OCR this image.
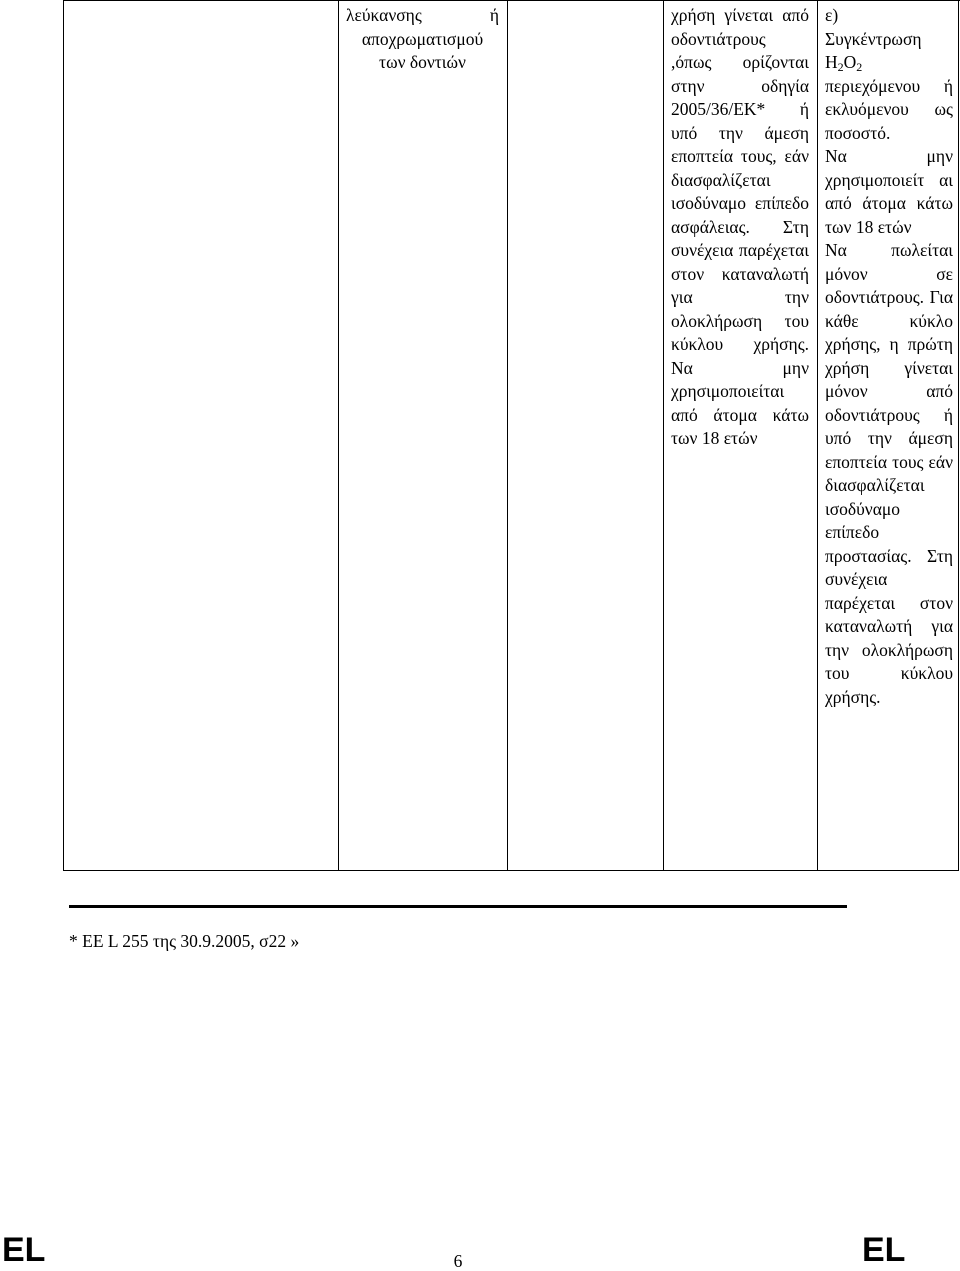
λεύκανσης ή

αποχρωματισμού

των δοντιών

χρήση γίνεται από οδοντιάτρους ,όπως ορίζονται στην οδηγία 2005/36/ΕΚ* ή υπό την άμεση εποπτεία τους, εάν διασφαλίζεται ισοδύναμο επίπεδο ασφάλειας. Στη συνέχεια παρέχεται στον καταναλωτή για την ολοκλήρωση του κύκλου χρήσης. Να μην χρησιμοποιείται από άτομα κάτω των 18 ετών

ε)

Συγκέντρωση

$H_2O_2$

περιεχόμενου ή εκλυόμενου ως ποσοστό.

Να μην χρησιμοποιείτ αι από άτομα κάτω των 18 ετών

Να πωλείται μόνον σε οδοντιάτρους. Για κάθε κύκλο χρήσης, η πρώτη χρήση γίνεται μόνον από οδοντιάτρους ή υπό την άμεση εποπτεία τους εάν διασφαλίζεται ισοδύναμο επίπεδο προστασίας. Στη συνέχεια παρέχεται στον καταναλωτή για την ολοκλήρωση του κύκλου χρήσης.

* ΕΕ L 255 της 30.9.2005, σ22 »
EL	6	EL
